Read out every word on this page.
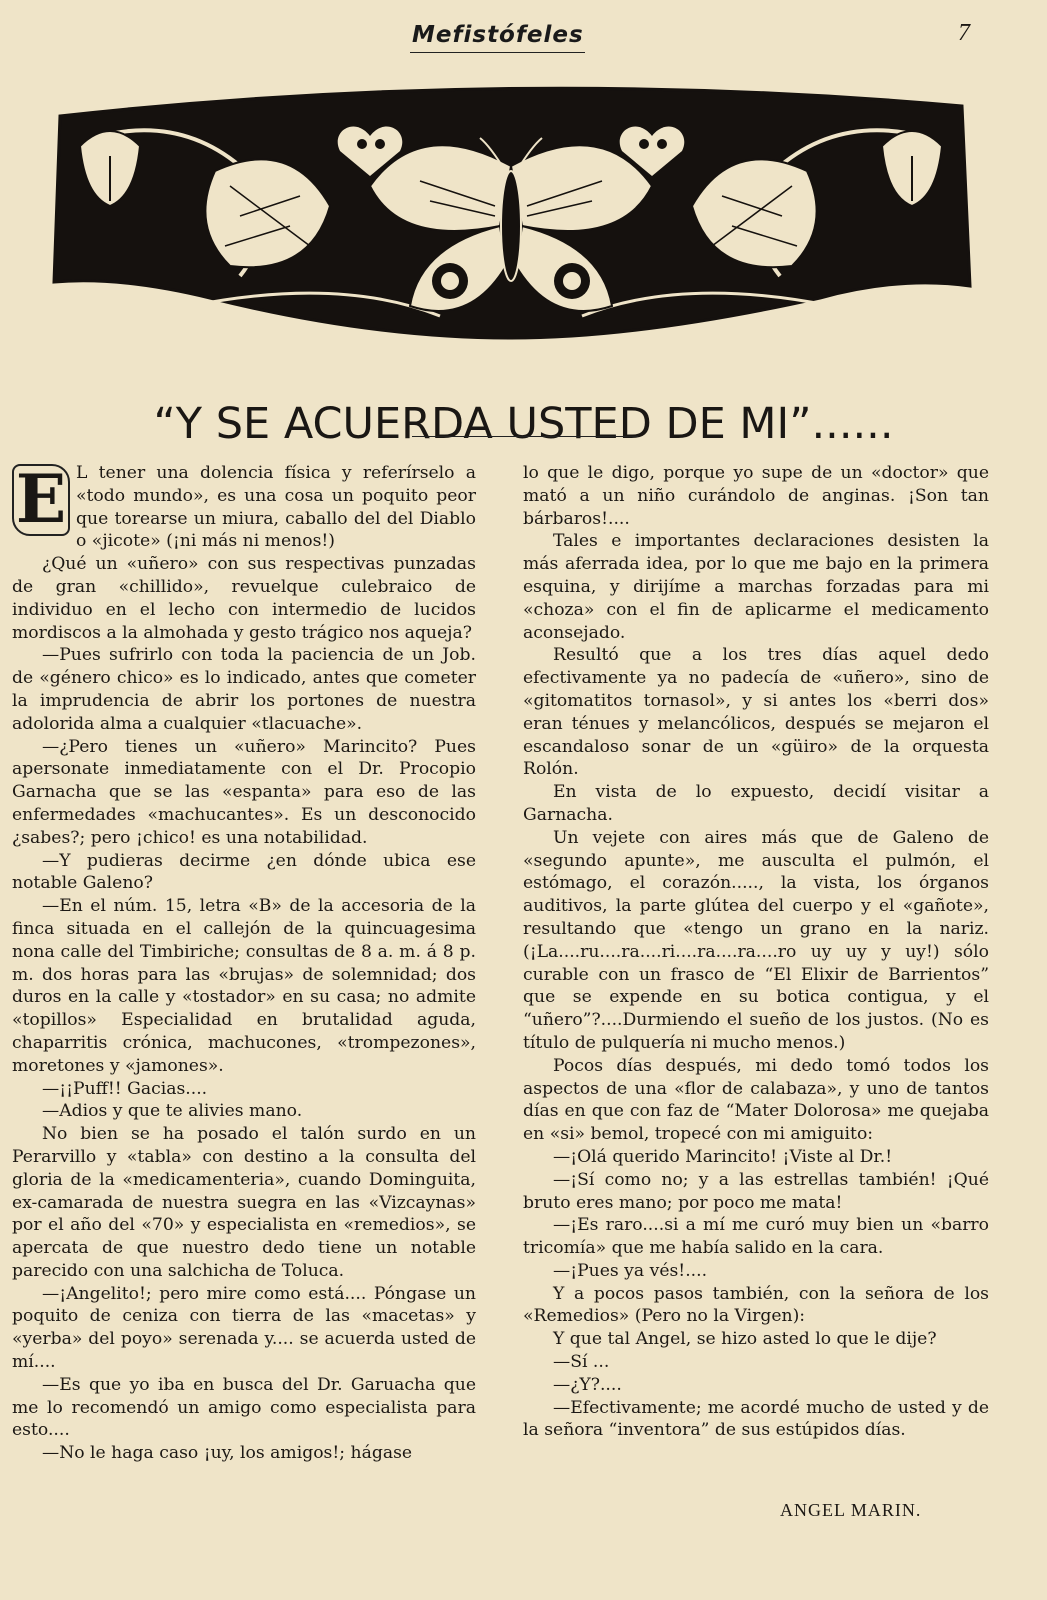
Mefistófeles	7
“Y SE ACUERDA USTED DE MI”......

E L tener una dolencia física y referírselo a «todo mundo», es una cosa un poquito peor que torearse un miura, caballo del del Diablo o «jicote» (¡ni más ni menos!)

¿Qué un «uñero» con sus respectivas punzadas de gran «chillido», revuelque culebraico de individuo en el lecho con intermedio de lucidos mordiscos a la almohada y gesto trágico nos aqueja?

—Pues sufrirlo con toda la paciencia de un Job. de «género chico» es lo indicado, antes que cometer la imprudencia de abrir los portones de nuestra adolorida alma a cualquier «tlacuache».

—¿Pero tienes un «uñero» Marincito? Pues apersonate inmediatamente con el Dr. Procopio Garnacha que se las «espanta» para eso de las enfermedades «machucantes». Es un desconocido ¿sabes?; pero ¡chico! es una notabilidad.

—Y pudieras decirme ¿en dónde ubica ese notable Galeno?

—En el núm. 15, letra «B» de la accesoria de la finca situada en el callejón de la quincuagesima nona calle del Timbiriche; consultas de 8 a. m. á 8 p. m. dos horas para las «brujas» de solemnidad; dos duros en la calle y «tostador» en su casa; no admite «topillos» Especialidad en brutalidad aguda, chaparritis crónica, machucones, «trompezones», moretones y «jamones».

—¡¡Puff!! Gacias....

—Adios y que te alivies mano.

No bien se ha posado el talón surdo en un Perarvillo y «tabla» con destino a la consulta del gloria de la «medicamenteria», cuando Dominguita, ex-camarada de nuestra suegra en las «Vizcaynas» por el año del «70» y especialista en «remedios», se apercata de que nuestro dedo tiene un notable parecido con una salchicha de Toluca.

—¡Angelito!; pero mire como está.... Póngase un poquito de ceniza con tierra de las «macetas» y «yerba» del poyo» serenada y.... se acuerda usted de mí....

—Es que yo iba en busca del Dr. Garuacha que me lo recomendó un amigo como especialista para esto....

—No le haga caso ¡uy, los amigos!; hágase

lo que le digo, porque yo supe de un «doctor» que mató a un niño curándolo de anginas. ¡Son tan bárbaros!....

Tales e importantes declaraciones desisten la más aferrada idea, por lo que me bajo en la primera esquina, y dirijíme a marchas forzadas para mi «choza» con el fin de aplicarme el medicamento aconsejado.

Resultó que a los tres días aquel dedo efectivamente ya no padecía de «uñero», sino de «gitomatitos tornasol», y si antes los «berri dos» eran ténues y melancólicos, después se mejaron el escandaloso sonar de un «güiro» de la orquesta Rolón.

En vista de lo expuesto, decidí visitar a Garnacha.

Un vejete con aires más que de Galeno de «segundo apunte», me ausculta el pulmón, el estómago, el corazón....., la vista, los órganos auditivos, la parte glútea del cuerpo y el «gañote», resultando que «tengo un grano en la nariz. (¡La....ru....ra....ri....ra....ra....ro uy uy y uy!) sólo curable con un frasco de “El Elixir de Barrientos” que se expende en su botica contigua, y el “uñero”?....Durmiendo el sueño de los justos. (No es título de pulquería ni mucho menos.)

Pocos días después, mi dedo tomó todos los aspectos de una «flor de calabaza», y uno de tantos días en que con faz de “Mater Dolorosa» me quejaba en «si» bemol, tropecé con mi amiguito:

—¡Olá querido Marincito! ¡Viste al Dr.!

—¡Sí como no; y a las estrellas también! ¡Qué bruto eres mano; por poco me mata!

—¡Es raro....si a mí me curó muy bien un «barro tricomía» que me había salido en la cara.

—¡Pues ya vés!....

Y a pocos pasos también, con la señora de los «Remedios» (Pero no la Virgen):

Y que tal Angel, se hizo asted lo que le dije?

—Sí ...

—¿Y?....

—Efectivamente; me acordé mucho de usted y de la señora “inventora” de sus estúpidos días.

ANGEL MARIN.
